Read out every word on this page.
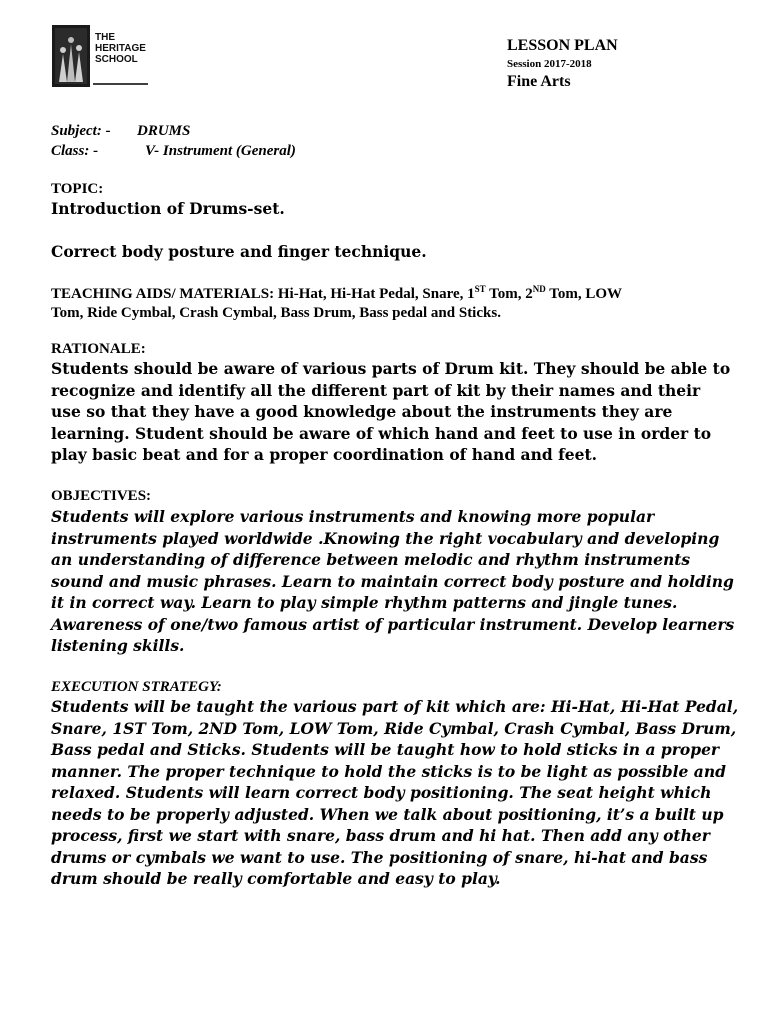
THE
HERITAGE
SCHOOL
LESSON PLAN
Session 2017-2018
Fine Arts
Subject: - DRUMS
Class: -	V- Instrument (General)
TOPIC:
Introduction of Drums-set.
Correct body posture and finger technique.
TEACHING AIDS/ MATERIALS: Hi-Hat, Hi-Hat Pedal, Snare, 1ST Tom, 2ND Tom, LOW
Tom, Ride Cymbal, Crash Cymbal, Bass Drum, Bass pedal and Sticks.
RATIONALE:
Students should be aware of various parts of Drum kit. They should be able to
recognize and identify all the different part of kit by their names and their
use so that they have a good knowledge about the instruments they are
learning. Student should be aware of which hand and feet to use in order to
play basic beat and for a proper coordination of hand and feet.
OBJECTIVES:
Students will explore various instruments and knowing more popular
instruments played worldwide .Knowing the right vocabulary and developing
an understanding of difference between melodic and rhythm instruments
sound and music phrases. Learn to maintain correct body posture and holding
it in correct way. Learn to play simple rhythm patterns and jingle tunes.
Awareness of one/two famous artist of particular instrument. Develop learners
listening skills.
EXECUTION STRATEGY:
Students will be taught the various part of kit which are: Hi-Hat, Hi-Hat Pedal,
Snare, 1ST Tom, 2ND Tom, LOW Tom, Ride Cymbal, Crash Cymbal, Bass Drum,
Bass pedal and Sticks. Students will be taught how to hold sticks in a proper
manner. The proper technique to hold the sticks is to be light as possible and
relaxed. Students will learn correct body positioning. The seat height which
needs to be properly adjusted. When we talk about positioning, it’s a built up
process, first we start with snare, bass drum and hi hat. Then add any other
drums or cymbals we want to use. The positioning of snare, hi-hat and bass
drum should be really comfortable and easy to play.
